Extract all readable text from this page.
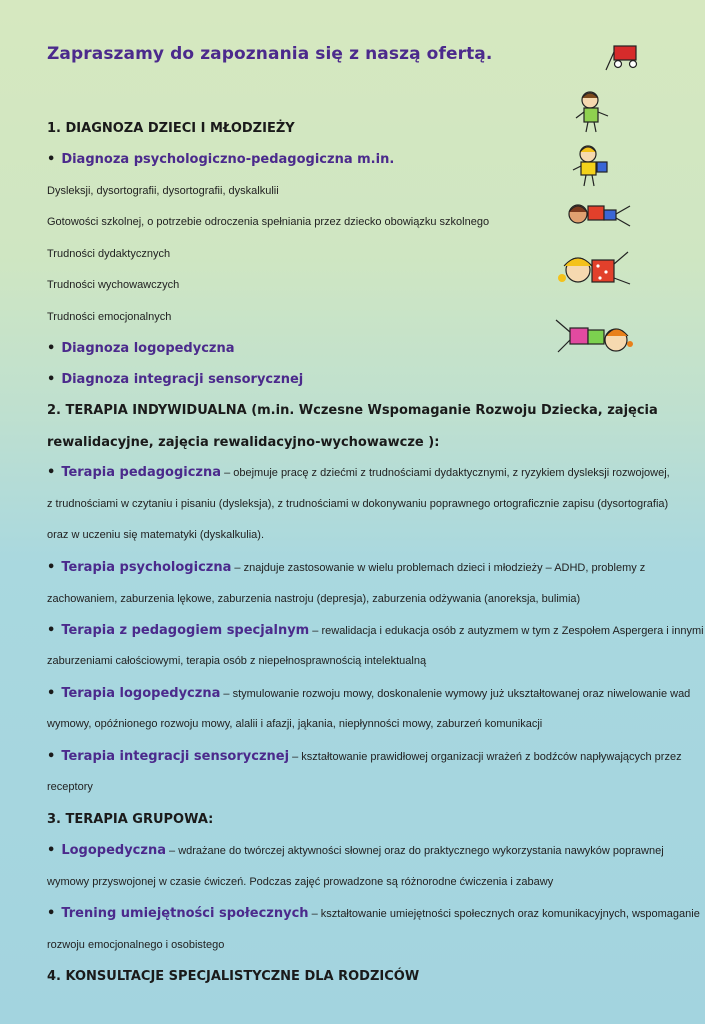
Zapraszamy do zapoznania się z naszą ofertą.
1. DIAGNOZA DZIECI I MŁODZIEŻY
• Diagnoza psychologiczno-pedagogiczna m.in.
Dysleksji, dysortografii, dysortografii, dyskalkulii
Gotowości szkolnej, o potrzebie odroczenia spełniania przez dziecko obowiązku szkolnego
Trudności dydaktycznych
Trudności wychowawczych
Trudności emocjonalnych
• Diagnoza logopedyczna
• Diagnoza integracji sensorycznej
2. TERAPIA INDYWIDUALNA (m.in. Wczesne Wspomaganie Rozwoju Dziecka, zajęcia
rewalidacyjne, zajęcia rewalidacyjno-wychowawcze ):
• Terapia pedagogiczna – obejmuje pracę z dziećmi z trudnościami dydaktycznymi, z ryzykiem dysleksji rozwojowej,
z trudnościami w czytaniu i pisaniu (dysleksja), z trudnościami w dokonywaniu poprawnego ortograficznie zapisu (dysortografia)
oraz w uczeniu się matematyki (dyskalkulia).
• Terapia psychologiczna – znajduje zastosowanie w wielu problemach dzieci i młodzieży – ADHD, problemy z
zachowaniem, zaburzenia lękowe, zaburzenia nastroju (depresja), zaburzenia odżywania (anoreksja, bulimia)
• Terapia z pedagogiem specjalnym – rewalidacja i edukacja osób z autyzmem w tym z Zespołem Aspergera i innymi
zaburzeniami całościowymi, terapia osób z niepełnosprawnością intelektualną
• Terapia logopedyczna – stymulowanie rozwoju mowy, doskonalenie wymowy już ukształtowanej oraz niwelowanie wad
wymowy, opóźnionego rozwoju mowy, alalii i afazji, jąkania, niepłynności mowy, zaburzeń komunikacji
• Terapia integracji sensorycznej – kształtowanie prawidłowej organizacji wrażeń z bodźców napływających przez
receptory
3. TERAPIA GRUPOWA:
• Logopedyczna – wdrażane do twórczej aktywności słownej oraz do praktycznego wykorzystania nawyków poprawnej
wymowy przyswojonej w czasie ćwiczeń. Podczas zajęć prowadzone są różnorodne ćwiczenia i zabawy
• Trening umiejętności społecznych – kształtowanie umiejętności społecznych oraz komunikacyjnych, wspomaganie
rozwoju emocjonalnego i osobistego
4. KONSULTACJE SPECJALISTYCZNE DLA RODZICÓW
